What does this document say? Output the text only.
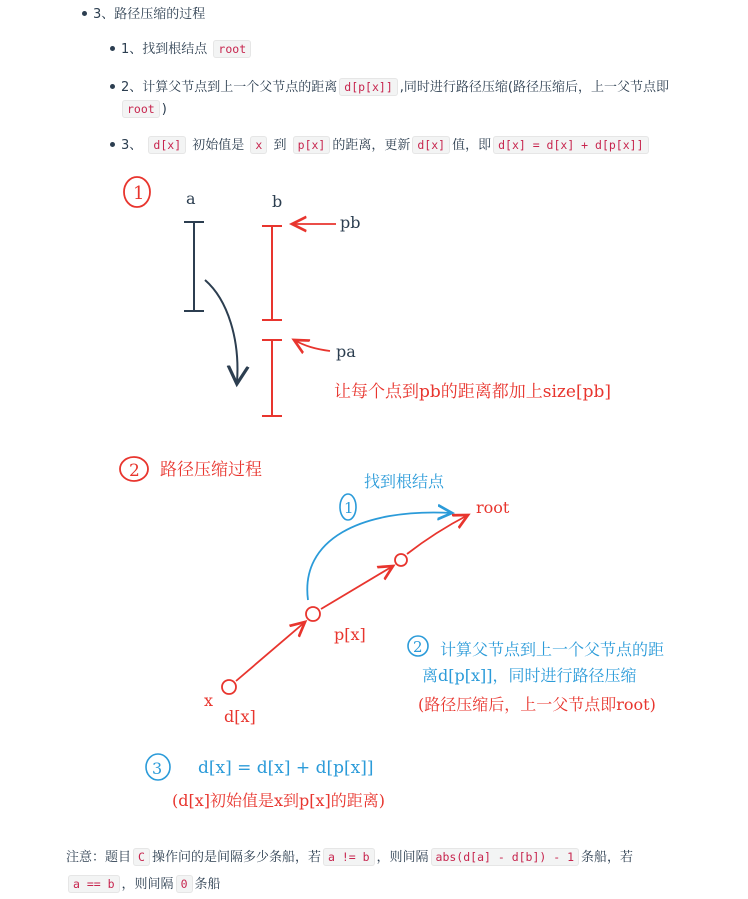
3、路径压缩的过程
1、找到根结点 root
2、计算父节点到上一个父节点的距离 d[p[x]] ,同时进行路径压缩(路径压缩后，上一父节点即
root )
3、 d[x] 初始值是 x 到 p[x] 的距离，更新 d[x] 值，即 d[x] = d[x] + d[p[x]]
1	a	b
pb
pa
让每个点到pb的距离都加上size[pb]
2 路径压缩过程
找到根结点
1	root
p[x]
x
d[x]
2 计算父节点到上一个父节点的距
离d[p[x]]，同时进行路径压缩
(路径压缩后，上一父节点即root)
3 d[x] = d[x] + d[p[x]]
(d[x]初始值是x到p[x]的距离)
注意：题目 C 操作问的是间隔多少条船，若 a != b ，则间隔 abs(d[a] - d[b]) - 1 条船，若
a == b ，则间隔 0 条船
